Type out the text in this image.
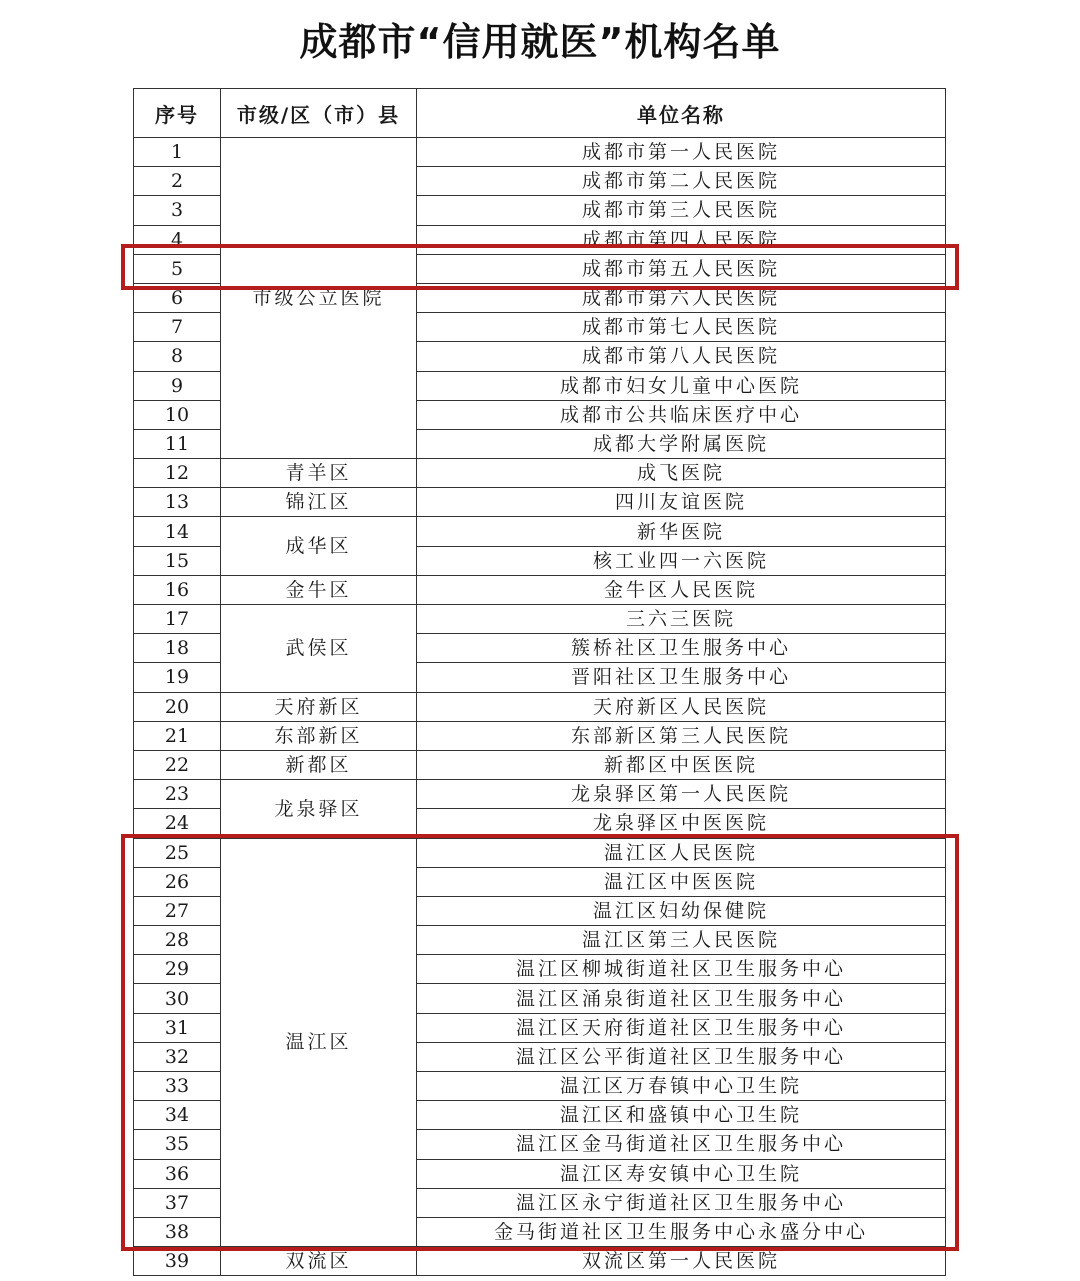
成都市“信用就医”机构名单
序号	市级/区（市）县	单位名称
1	市级公立医院	成都市第一人民医院
2		成都市第二人民医院
3		成都市第三人民医院
4		成都市第四人民医院
5		成都市第五人民医院
6		成都市第六人民医院
7		成都市第七人民医院
8		成都市第八人民医院
9		成都市妇女儿童中心医院
10		成都市公共临床医疗中心
11		成都大学附属医院
12	青羊区	成飞医院
13	锦江区	四川友谊医院
14	成华区	新华医院
15		核工业四一六医院
16	金牛区	金牛区人民医院
17	武侯区	三六三医院
18		簇桥社区卫生服务中心
19		晋阳社区卫生服务中心
20	天府新区	天府新区人民医院
21	东部新区	东部新区第三人民医院
22	新都区	新都区中医医院
23	龙泉驿区	龙泉驿区第一人民医院
24		龙泉驿区中医医院
25	温江区	温江区人民医院
26		温江区中医医院
27		温江区妇幼保健院
28		温江区第三人民医院
29		温江区柳城街道社区卫生服务中心
30		温江区涌泉街道社区卫生服务中心
31		温江区天府街道社区卫生服务中心
32		温江区公平街道社区卫生服务中心
33		温江区万春镇中心卫生院
34		温江区和盛镇中心卫生院
35		温江区金马街道社区卫生服务中心
36		温江区寿安镇中心卫生院
37		温江区永宁街道社区卫生服务中心
38		金马街道社区卫生服务中心永盛分中心
39	双流区	双流区第一人民医院
